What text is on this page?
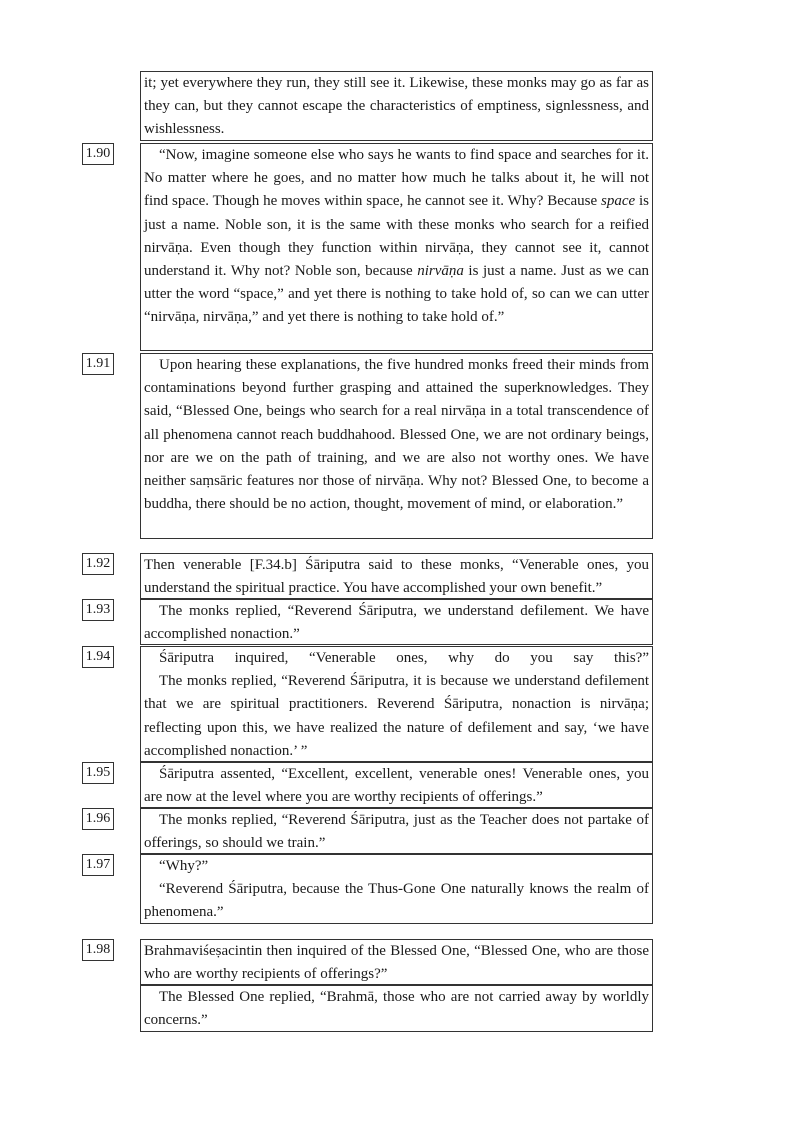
it; yet everywhere they run, they still see it. Likewise, these monks may go as far as they can, but they cannot escape the characteristics of emptiness, signlessness, and wishlessness.

1.90	“Now, imagine someone else who says he wants to find space and searches for it. No matter where he goes, and no matter how much he talks about it, he will not find space. Though he moves within space, he cannot see it. Why? Because space is just a name. Noble son, it is the same with these monks who search for a reified nirvāṇa. Even though they function within nirvāṇa, they cannot see it, cannot understand it. Why not? Noble son, because nirvāṇa is just a name. Just as we can utter the word “space,” and yet there is nothing to take hold of, so can we can utter “nirvāṇa, nirvāṇa,” and yet there is nothing to take hold of.”

1.91	Upon hearing these explanations, the five hundred monks freed their minds from contaminations beyond further grasping and attained the superknowledges. They said, “Blessed One, beings who search for a real nirvāṇa in a total transcendence of all phenomena cannot reach buddhahood. Blessed One, we are not ordinary beings, nor are we on the path of training, and we are also not worthy ones. We have neither saṃsāric features nor those of nirvāṇa. Why not? Blessed One, to become a buddha, there should be no action, thought, movement of mind, or elaboration.”

1.92 Then venerable [F.34.b] Śāriputra said to these monks, “Venerable ones, you understand the spiritual practice. You have accomplished your own benefit.”

1.93	The monks replied, “Reverend Śāriputra, we understand defilement. We have accomplished nonaction.”

1.94	Śāriputra inquired, “Venerable ones, why do you say this?”

The monks replied, “Reverend Śāriputra, it is because we understand defilement that we are spiritual practitioners. Reverend Śāriputra, nonaction is nirvāṇa; reflecting upon this, we have realized the nature of defilement and say, ‘we have accomplished nonaction.’ ”

1.95	Śāriputra assented, “Excellent, excellent, venerable ones! Venerable ones, you are now at the level where you are worthy recipients of offerings.”

1.96	The monks replied, “Reverend Śāriputra, just as the Teacher does not partake of offerings, so should we train.”

1.97	“Why?”

“Reverend Śāriputra, because the Thus-Gone One naturally knows the realm of phenomena.”

1.98 Brahmaviśeṣacintin then inquired of the Blessed One, “Blessed One, who are those who are worthy recipients of offerings?”

The Blessed One replied, “Brahmā, those who are not carried away by worldly concerns.”
